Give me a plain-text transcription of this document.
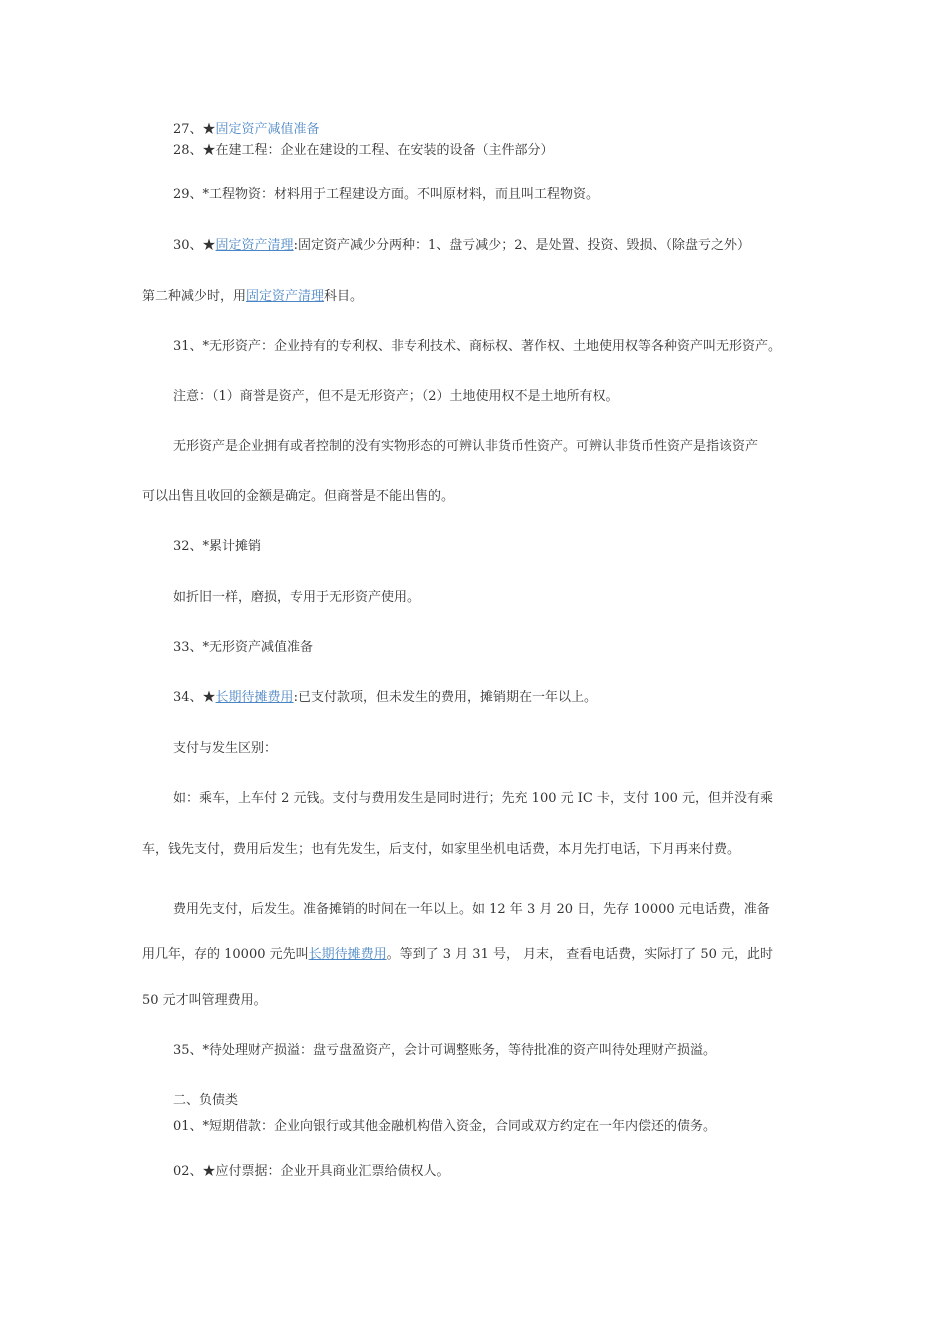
27、★固定资产减值准备
28、★在建工程：企业在建设的工程、在安装的设备（主件部分）
29、*工程物资：材料用于工程建设方面。不叫原材料，而且叫工程物资。
30、★固定资产清理:固定资产减少分两种：1、盘亏减少；2、是处置、投资、毁损、（除盘亏之外）
第二种减少时，用固定资产清理科目。
31、*无形资产：企业持有的专利权、非专利技术、商标权、著作权、土地使用权等各种资产叫无形资产。
注意：（1）商誉是资产，但不是无形资产；（2）土地使用权不是土地所有权。
无形资产是企业拥有或者控制的没有实物形态的可辨认非货币性资产。可辨认非货币性资产是指该资产
可以出售且收回的金额是确定。但商誉是不能出售的。
32、*累计摊销
如折旧一样，磨损，专用于无形资产使用。
33、*无形资产减值准备
34、★长期待摊费用:已支付款项，但未发生的费用，摊销期在一年以上。
支付与发生区别：
如：乘车，上车付 2 元钱。支付与费用发生是同时进行；先充 100 元 IC 卡，支付 100 元，但并没有乘
车，钱先支付，费用后发生；也有先发生，后支付，如家里坐机电话费，本月先打电话，下月再来付费。
费用先支付，后发生。准备摊销的时间在一年以上。如 12 年 3 月 20 日，先存 10000 元电话费，准备
用几年，存的 10000 元先叫长期待摊费用。等到了 3 月 31 号， 月末， 查看电话费，实际打了 50 元，此时
50 元才叫管理费用。
35、*待处理财产损溢：盘亏盘盈资产，会计可调整账务，等待批准的资产叫待处理财产损溢。
二、负债类
01、*短期借款：企业向银行或其他金融机构借入资金，合同或双方约定在一年内偿还的债务。
02、★应付票据：企业开具商业汇票给债权人。
